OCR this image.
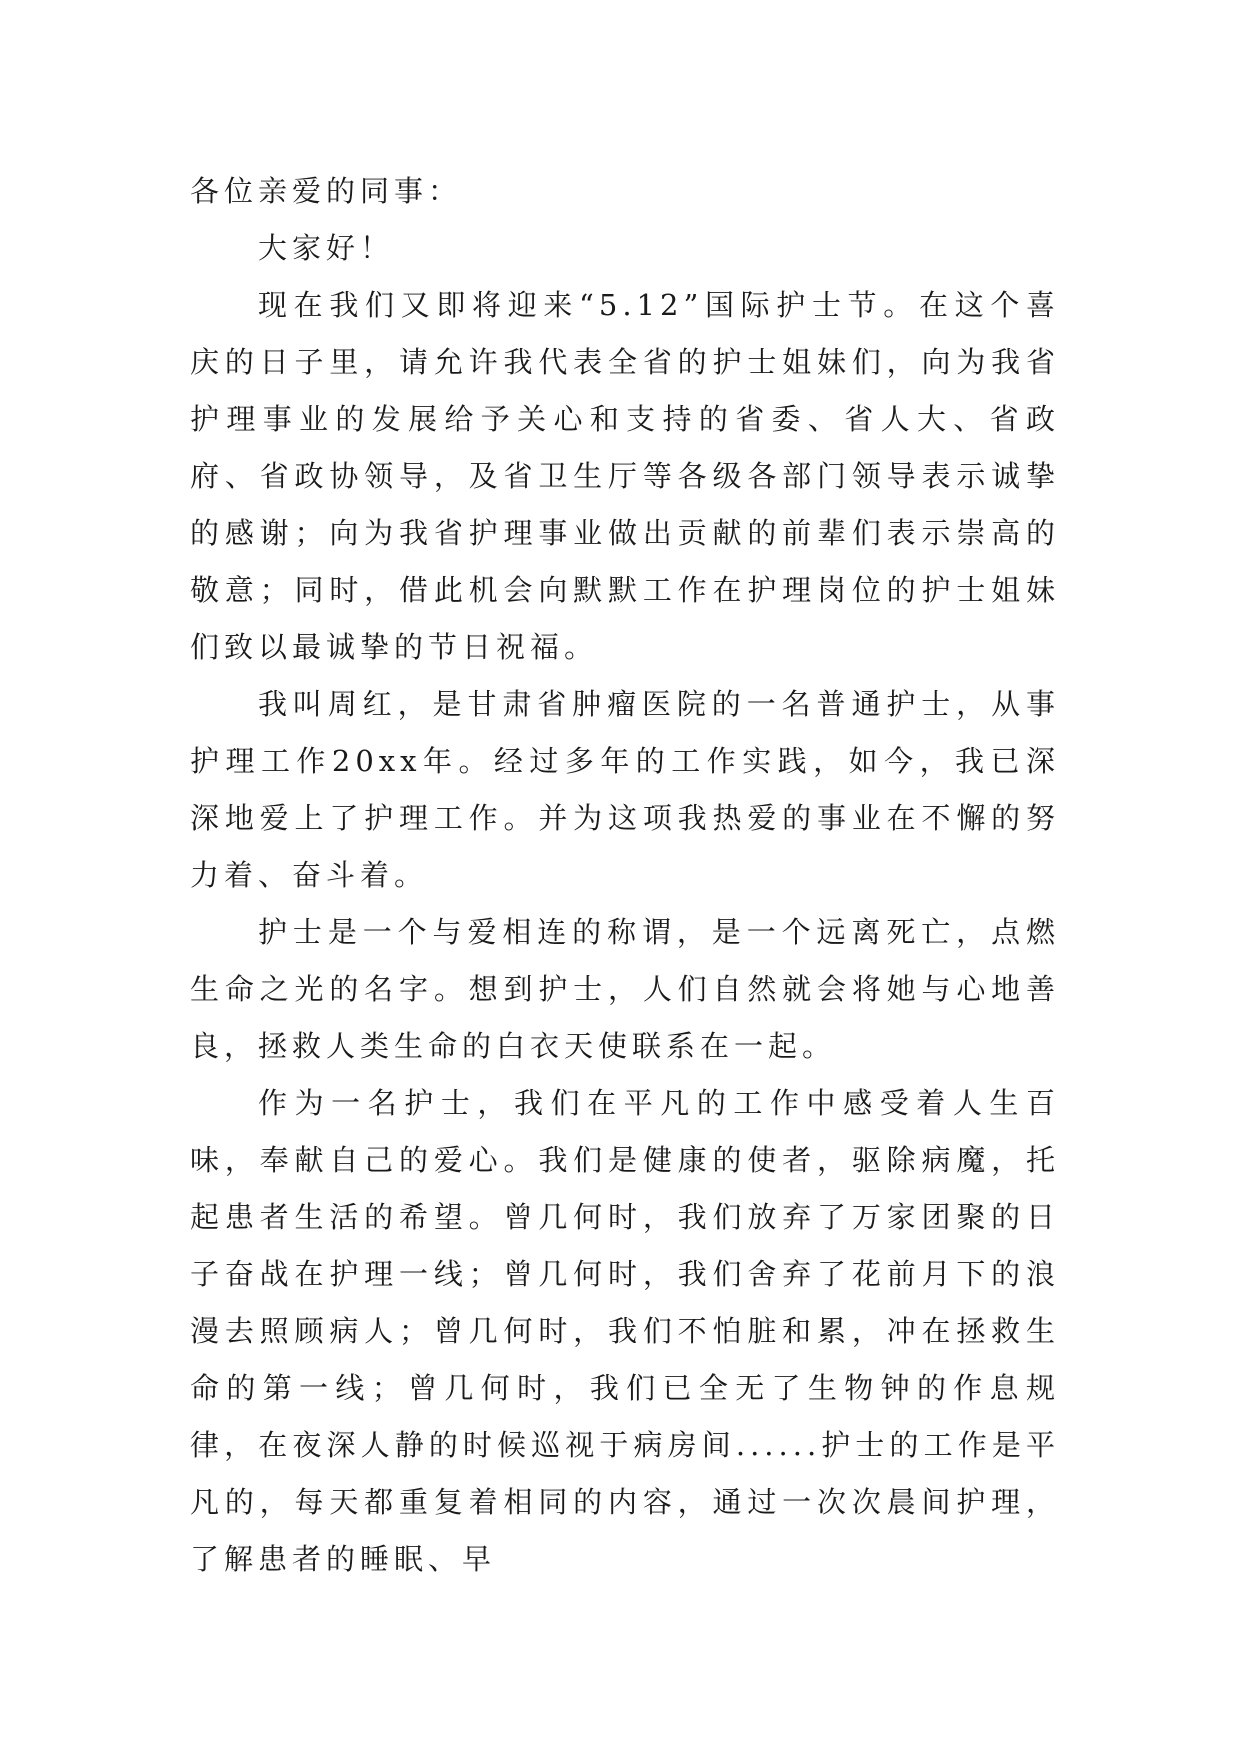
各位亲爱的同事：

大家好！

现在我们又即将迎来“5.12”国际护士节。在这个喜庆的日子里，请允许我代表全省的护士姐妹们，向为我省护理事业的发展给予关心和支持的省委、省人大、省政府、省政协领导，及省卫生厅等各级各部门领导表示诚挚的感谢；向为我省护理事业做出贡献的前辈们表示崇高的敬意；同时，借此机会向默默工作在护理岗位的护士姐妹们致以最诚挚的节日祝福。

我叫周红，是甘肃省肿瘤医院的一名普通护士，从事护理工作20xx年。经过多年的工作实践，如今，我已深深地爱上了护理工作。并为这项我热爱的事业在不懈的努力着、奋斗着。

护士是一个与爱相连的称谓，是一个远离死亡，点燃生命之光的名字。想到护士，人们自然就会将她与心地善良，拯救人类生命的白衣天使联系在一起。

作为一名护士，我们在平凡的工作中感受着人生百味，奉献自己的爱心。我们是健康的使者，驱除病魔，托起患者生活的希望。曾几何时，我们放弃了万家团聚的日子奋战在护理一线；曾几何时，我们舍弃了花前月下的浪漫去照顾病人；曾几何时，我们不怕脏和累，冲在拯救生命的第一线；曾几何时，我们已全无了生物钟的作息规律，在夜深人静的时候巡视于病房间......护士的工作是平凡的，每天都重复着相同的内容，通过一次次晨间护理，了解患者的睡眠、早
